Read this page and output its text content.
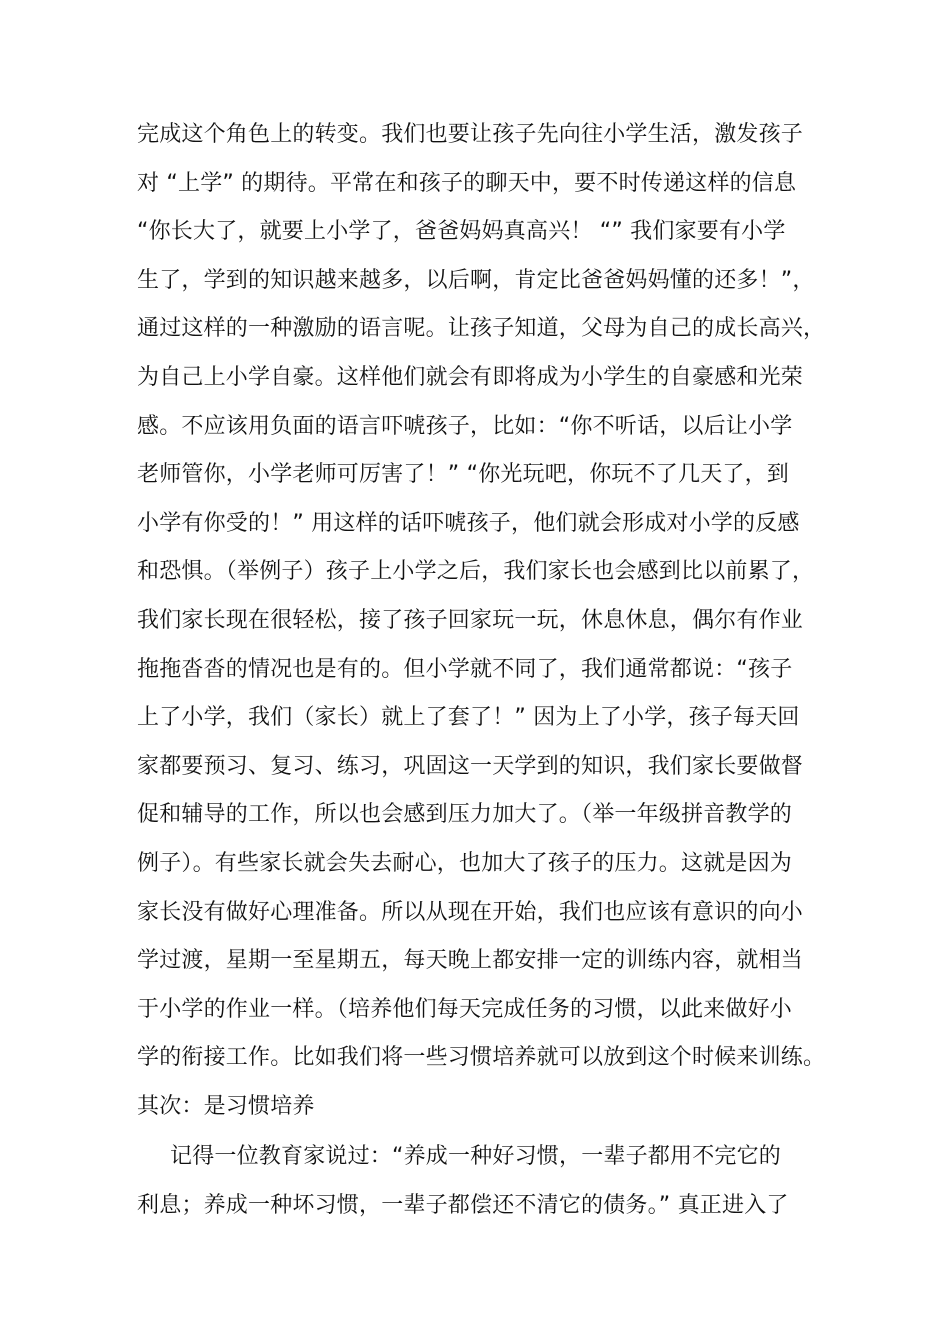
完成这个角色上的转变。我们也要让孩子先向往小学生活，激发孩子
对 “上学” 的期待。平常在和孩子的聊天中，要不时传递这样的信息
“你长大了，就要上小学了，爸爸妈妈真高兴！ “” 我们家要有小学
生了，学到的知识越来越多，以后啊，肯定比爸爸妈妈懂的还多！”，
通过这样的一种激励的语言呢。让孩子知道，父母为自己的成长高兴，
为自己上小学自豪。这样他们就会有即将成为小学生的自豪感和光荣
感。不应该用负面的语言吓唬孩子，比如：“你不听话，以后让小学
老师管你，小学老师可厉害了！” “你光玩吧，你玩不了几天了，到
小学有你受的！” 用这样的话吓唬孩子，他们就会形成对小学的反感
和恐惧。（举例子）孩子上小学之后，我们家长也会感到比以前累了，
我们家长现在很轻松，接了孩子回家玩一玩，休息休息，偶尔有作业
拖拖沓沓的情况也是有的。但小学就不同了，我们通常都说：“孩子
上了小学，我们（家长）就上了套了！” 因为上了小学，孩子每天回
家都要预习、复习、练习，巩固这一天学到的知识，我们家长要做督
促和辅导的工作，所以也会感到压力加大了。（举一年级拼音教学的
例子）。有些家长就会失去耐心，也加大了孩子的压力。这就是因为
家长没有做好心理准备。所以从现在开始，我们也应该有意识的向小
学过渡，星期一至星期五，每天晚上都安排一定的训练内容，就相当
于小学的作业一样。（培养他们每天完成任务的习惯，以此来做好小
学的衔接工作。比如我们将一些习惯培养就可以放到这个时候来训练。
其次：是习惯培养
记得一位教育家说过：“养成一种好习惯，一辈子都用不完它的
利息；养成一种坏习惯，一辈子都偿还不清它的债务。” 真正进入了
